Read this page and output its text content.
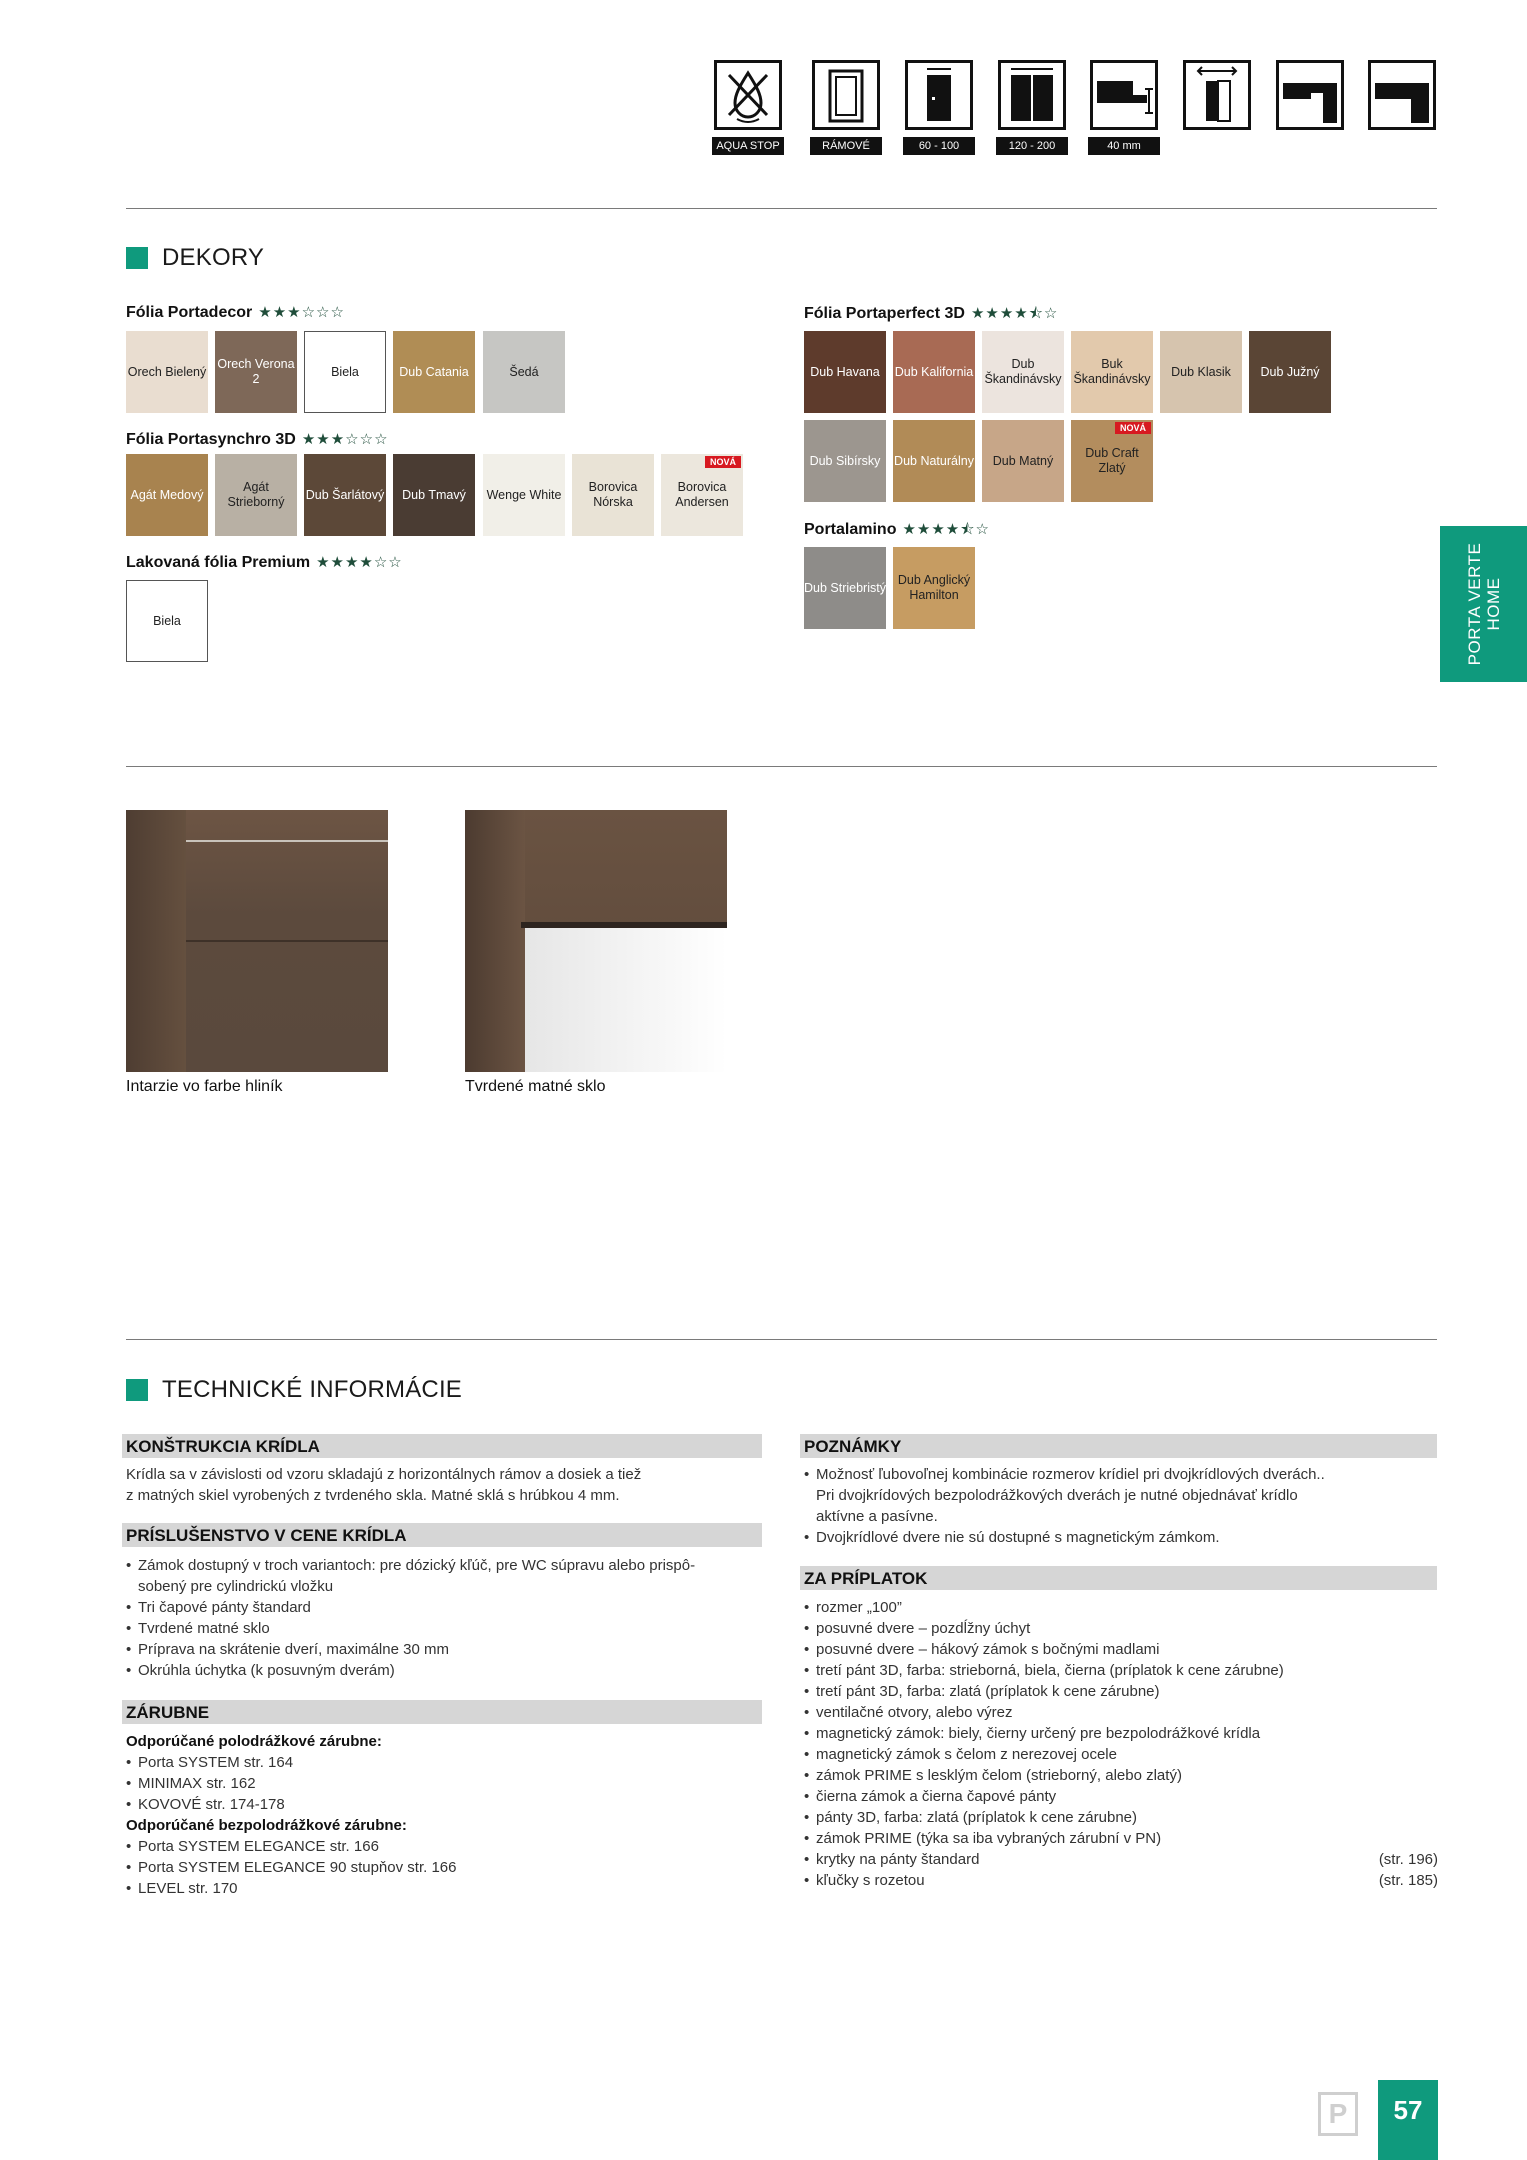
AQUA STOP	RÁMOVÉ	60 - 100	120 - 200	40 mm
DEKORY
Fólia Portadecor ★★★☆☆☆
Orech Bielený
Orech Verona 2
Biela	Dub Catania	Šedá
Fólia Portasynchro 3D ★★★☆☆☆
Agát Medový
Agát Strieborný
Dub Šarlátový Dub Tmavý Wenge White
Borovica Nórska
Borovica Andersen
NOVÁ
Lakovaná fólia Premium ★★★★☆☆
Biela
Fólia Portaperfect 3D ★★★★⯪☆
Dub Havana Dub Kalifornia
Dub Škandinávsky
Buk Škandinávsky
Dub Klasik Dub Južný
Dub Sibírsky Dub Naturálny Dub Matný
Dub Craft Zlatý
NOVÁ
Portalamino ★★★★⯪☆
Dub Striebristý
Dub Anglický Hamilton	PORTA VERTE HOME
Intarzie vo farbe hliník	Tvrdené matné sklo
TECHNICKÉ INFORMÁCIE
KONŠTRUKCIA KRÍDLA
Krídla sa v závislosti od vzoru skladajú z horizontálnych rámov a dosiek a tiež
z matných skiel vyrobených z tvrdeného skla. Matné sklá s hrúbkou 4 mm.
PRÍSLUŠENSTVO V CENE KRÍDLA
• Zámok dostupný v troch variantoch: pre dózický kľúč, pre WC súpravu alebo prispô-
sobený pre cylindrickú vložku
• Tri čapové pánty štandard
• Tvrdené matné sklo
• Príprava na skrátenie dverí, maximálne 30 mm
• Okrúhla úchytka (k posuvným dverám)
ZÁRUBNE
Odporúčané polodrážkové zárubne:
• Porta SYSTEM str. 164
• MINIMAX str. 162
• KOVOVÉ str. 174-178
Odporúčané bezpolodrážkové zárubne:
• Porta SYSTEM ELEGANCE str. 166
• Porta SYSTEM ELEGANCE 90 stupňov str. 166
• LEVEL str. 170
POZNÁMKY
• Možnosť ľubovoľnej kombinácie rozmerov krídiel pri dvojkrídlových dverách..
Pri dvojkrídových bezpolodrážkových dverách je nutné objednávať krídlo
aktívne a pasívne.
• Dvojkrídlové dvere nie sú dostupné s magnetickým zámkom.
ZA PRÍPLATOK
• rozmer „100”
• posuvné dvere – pozdĺžny úchyt
• posuvné dvere – hákový zámok s bočnými madlami
• tretí pánt 3D, farba: strieborná, biela, čierna (príplatok k cene zárubne)
• tretí pánt 3D, farba: zlatá (príplatok k cene zárubne)
• ventilačné otvory, alebo výrez
• magnetický zámok: biely, čierny určený pre bezpolodrážkové krídla
• magnetický zámok s čelom z nerezovej ocele
• zámok PRIME s lesklým čelom (strieborný, alebo zlatý)
• čierna zámok a čierna čapové pánty
• pánty 3D, farba: zlatá (príplatok k cene zárubne)
• zámok PRIME (týka sa iba vybraných zárubní v PN)
• krytky na pánty štandard	(str. 196)
• kľučky s rozetou	(str. 185)
P	57
